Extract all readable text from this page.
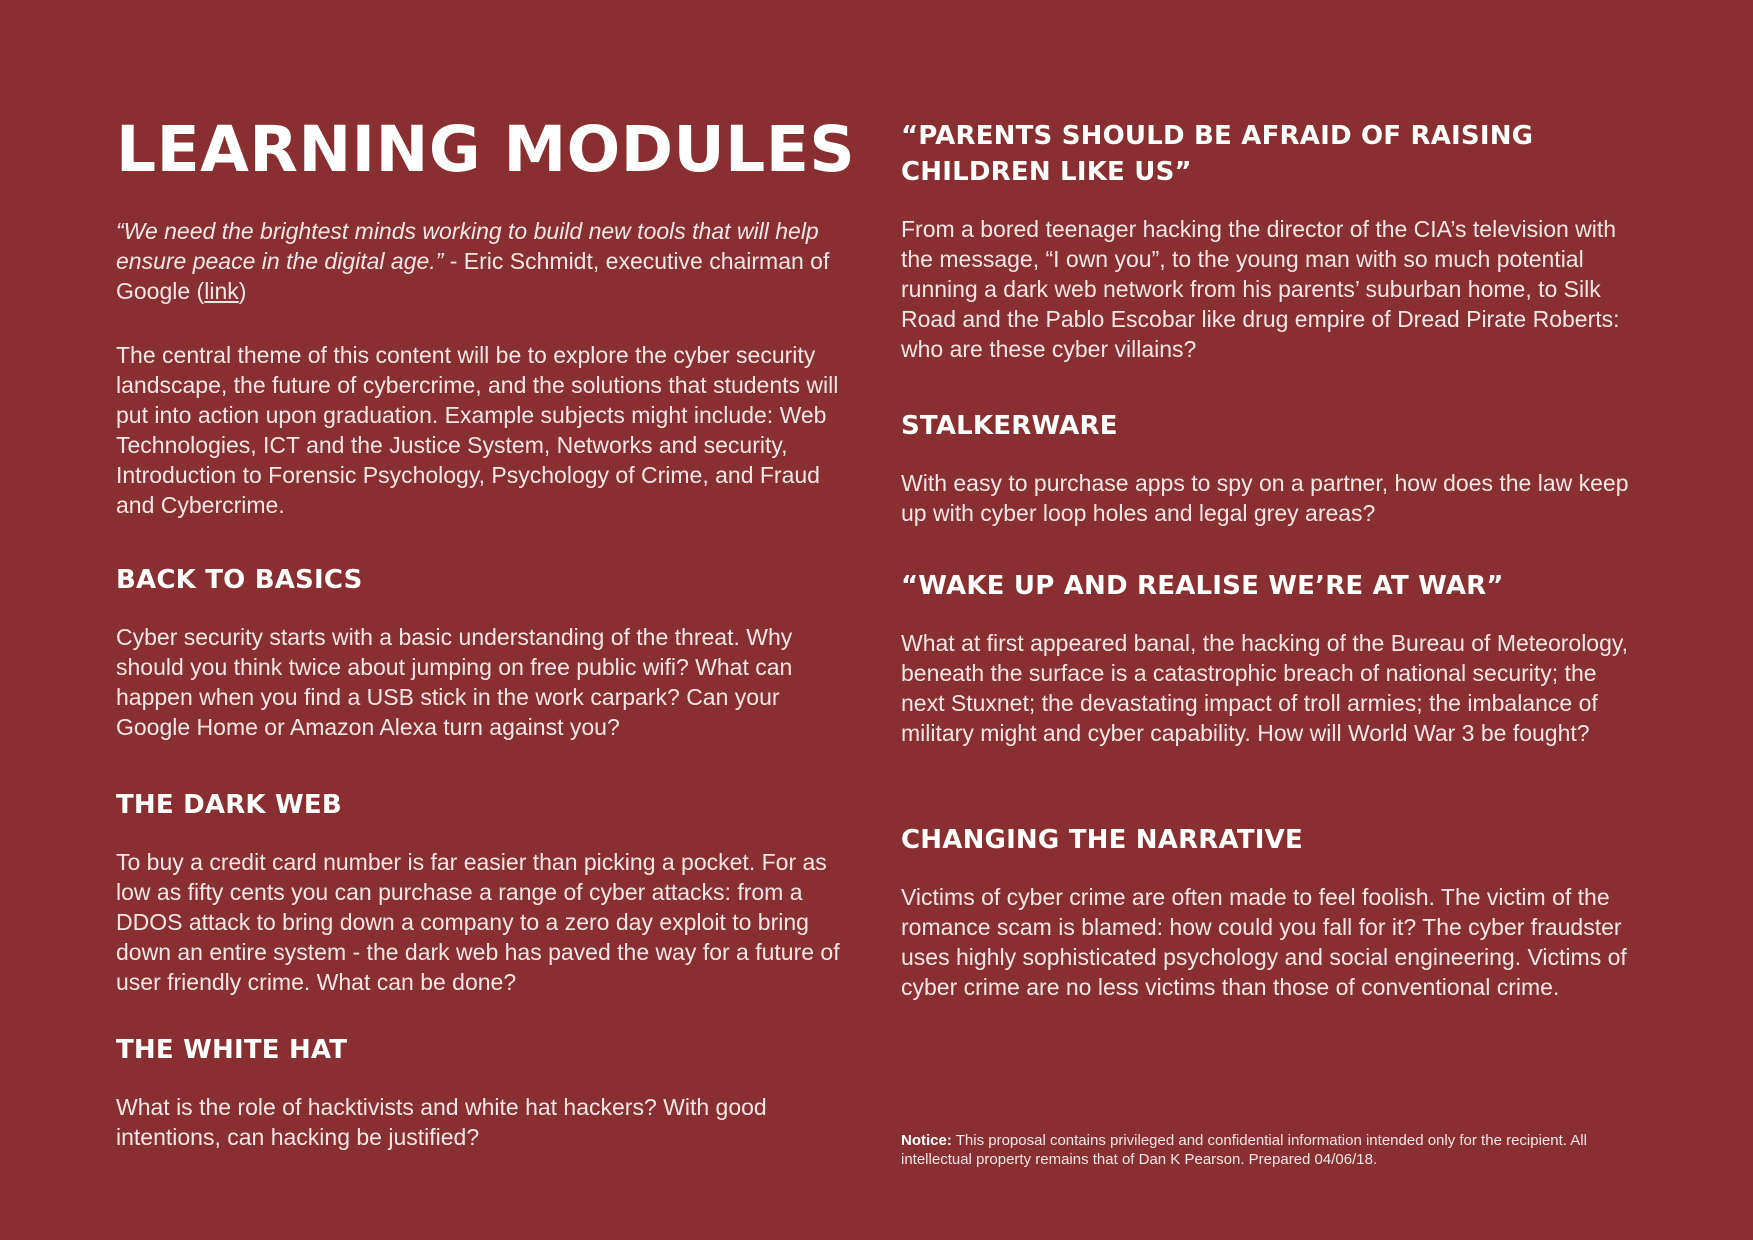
LEARNING MODULES

“We need the brightest minds working to build new tools that will help ensure peace in the digital age.” - Eric Schmidt, executive chairman of Google (link)

The central theme of this content will be to explore the cyber security landscape, the future of cybercrime, and the solutions that students will put into action upon graduation. Example subjects might include: Web Technologies, ICT and the Justice System, Networks and security, Introduction to Forensic Psychology, Psychology of Crime, and Fraud and Cybercrime.

BACK TO BASICS

Cyber security starts with a basic understanding of the threat. Why should you think twice about jumping on free public wifi? What can happen when you find a USB stick in the work carpark? Can your Google Home or Amazon Alexa turn against you?

THE DARK WEB

To buy a credit card number is far easier than picking a pocket. For as low as fifty cents you can purchase a range of cyber attacks: from a DDOS attack to bring down a company to a zero day exploit to bring down an entire system - the dark web has paved the way for a future of user friendly crime. What can be done?

THE WHITE HAT

What is the role of hacktivists and white hat hackers? With good intentions, can hacking be justified?

“PARENTS SHOULD BE AFRAID OF RAISING CHILDREN LIKE US”

From a bored teenager hacking the director of the CIA’s television with the message, “I own you”, to the young man with so much potential running a dark web network from his parents’ suburban home, to Silk Road and the Pablo Escobar like drug empire of Dread Pirate Roberts: who are these cyber villains?

STALKERWARE

With easy to purchase apps to spy on a partner, how does the law keep up with cyber loop holes and legal grey areas?

“WAKE UP AND REALISE WE’RE AT WAR”

What at first appeared banal, the hacking of the Bureau of Meteorology, beneath the surface is a catastrophic breach of national security; the next Stuxnet; the devastating impact of troll armies; the imbalance of military might and cyber capability. How will World War 3 be fought?

CHANGING THE NARRATIVE

Victims of cyber crime are often made to feel foolish. The victim of the romance scam is blamed: how could you fall for it? The cyber fraudster uses highly sophisticated psychology and social engineering. Victims of cyber crime are no less victims than those of conventional crime.

Notice: This proposal contains privileged and confidential information intended only for the recipient. All intellectual property remains that of Dan K Pearson. Prepared 04/06/18.
